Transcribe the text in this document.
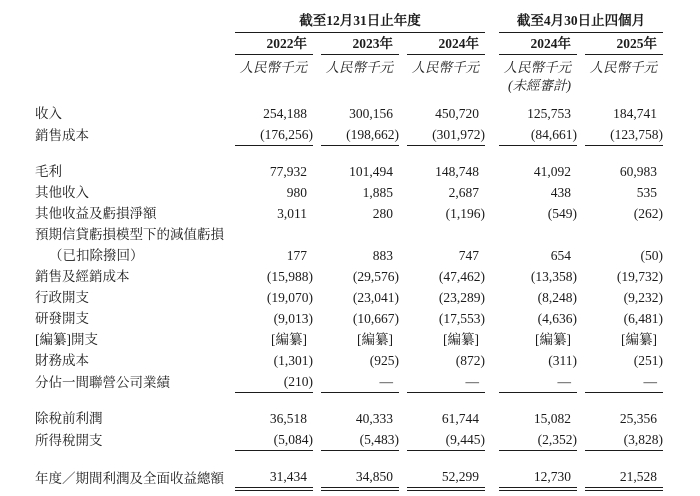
	截至12月31日止年度						截至4月30日止四個月		
	2022年		2023年		2024年		2024年		2025年
	人民幣千元		人民幣千元		人民幣千元		人民幣千元		人民幣千元
							(未經審計)		
收入	254,188		300,156		450,720		125,753		184,741
銷售成本	(176,256)		(198,662)		(301,972)		(84,661)		(123,758)

毛利	77,932		101,494		148,748		41,092		60,983
其他收入	980		1,885		2,687		438		535
其他收益及虧損淨額	3,011		280		(1,196)		(549)		(262)
預期信貸虧損模型下的減值虧損									
（已扣除撥回）	177		883		747		654		(50)
銷售及經銷成本	(15,988)		(29,576)		(47,462)		(13,358)		(19,732)
行政開支	(19,070)		(23,041)		(23,289)		(8,248)		(9,232)
研發開支	(9,013)		(10,667)		(17,553)		(4,636)		(6,481)
[編纂]開支	[編纂]		[編纂]		[編纂]		[編纂]		[編纂]
財務成本	(1,301)		(925)		(872)		(311)		(251)
分佔一間聯營公司業績	(210)		—		—		—		—

除稅前利潤	36,518		40,333		61,744		15,082		25,356
所得稅開支	(5,084)		(5,483)		(9,445)		(2,352)		(3,828)

年度／期間利潤及全面收益總額	31,434		34,850		52,299		12,730		21,528
